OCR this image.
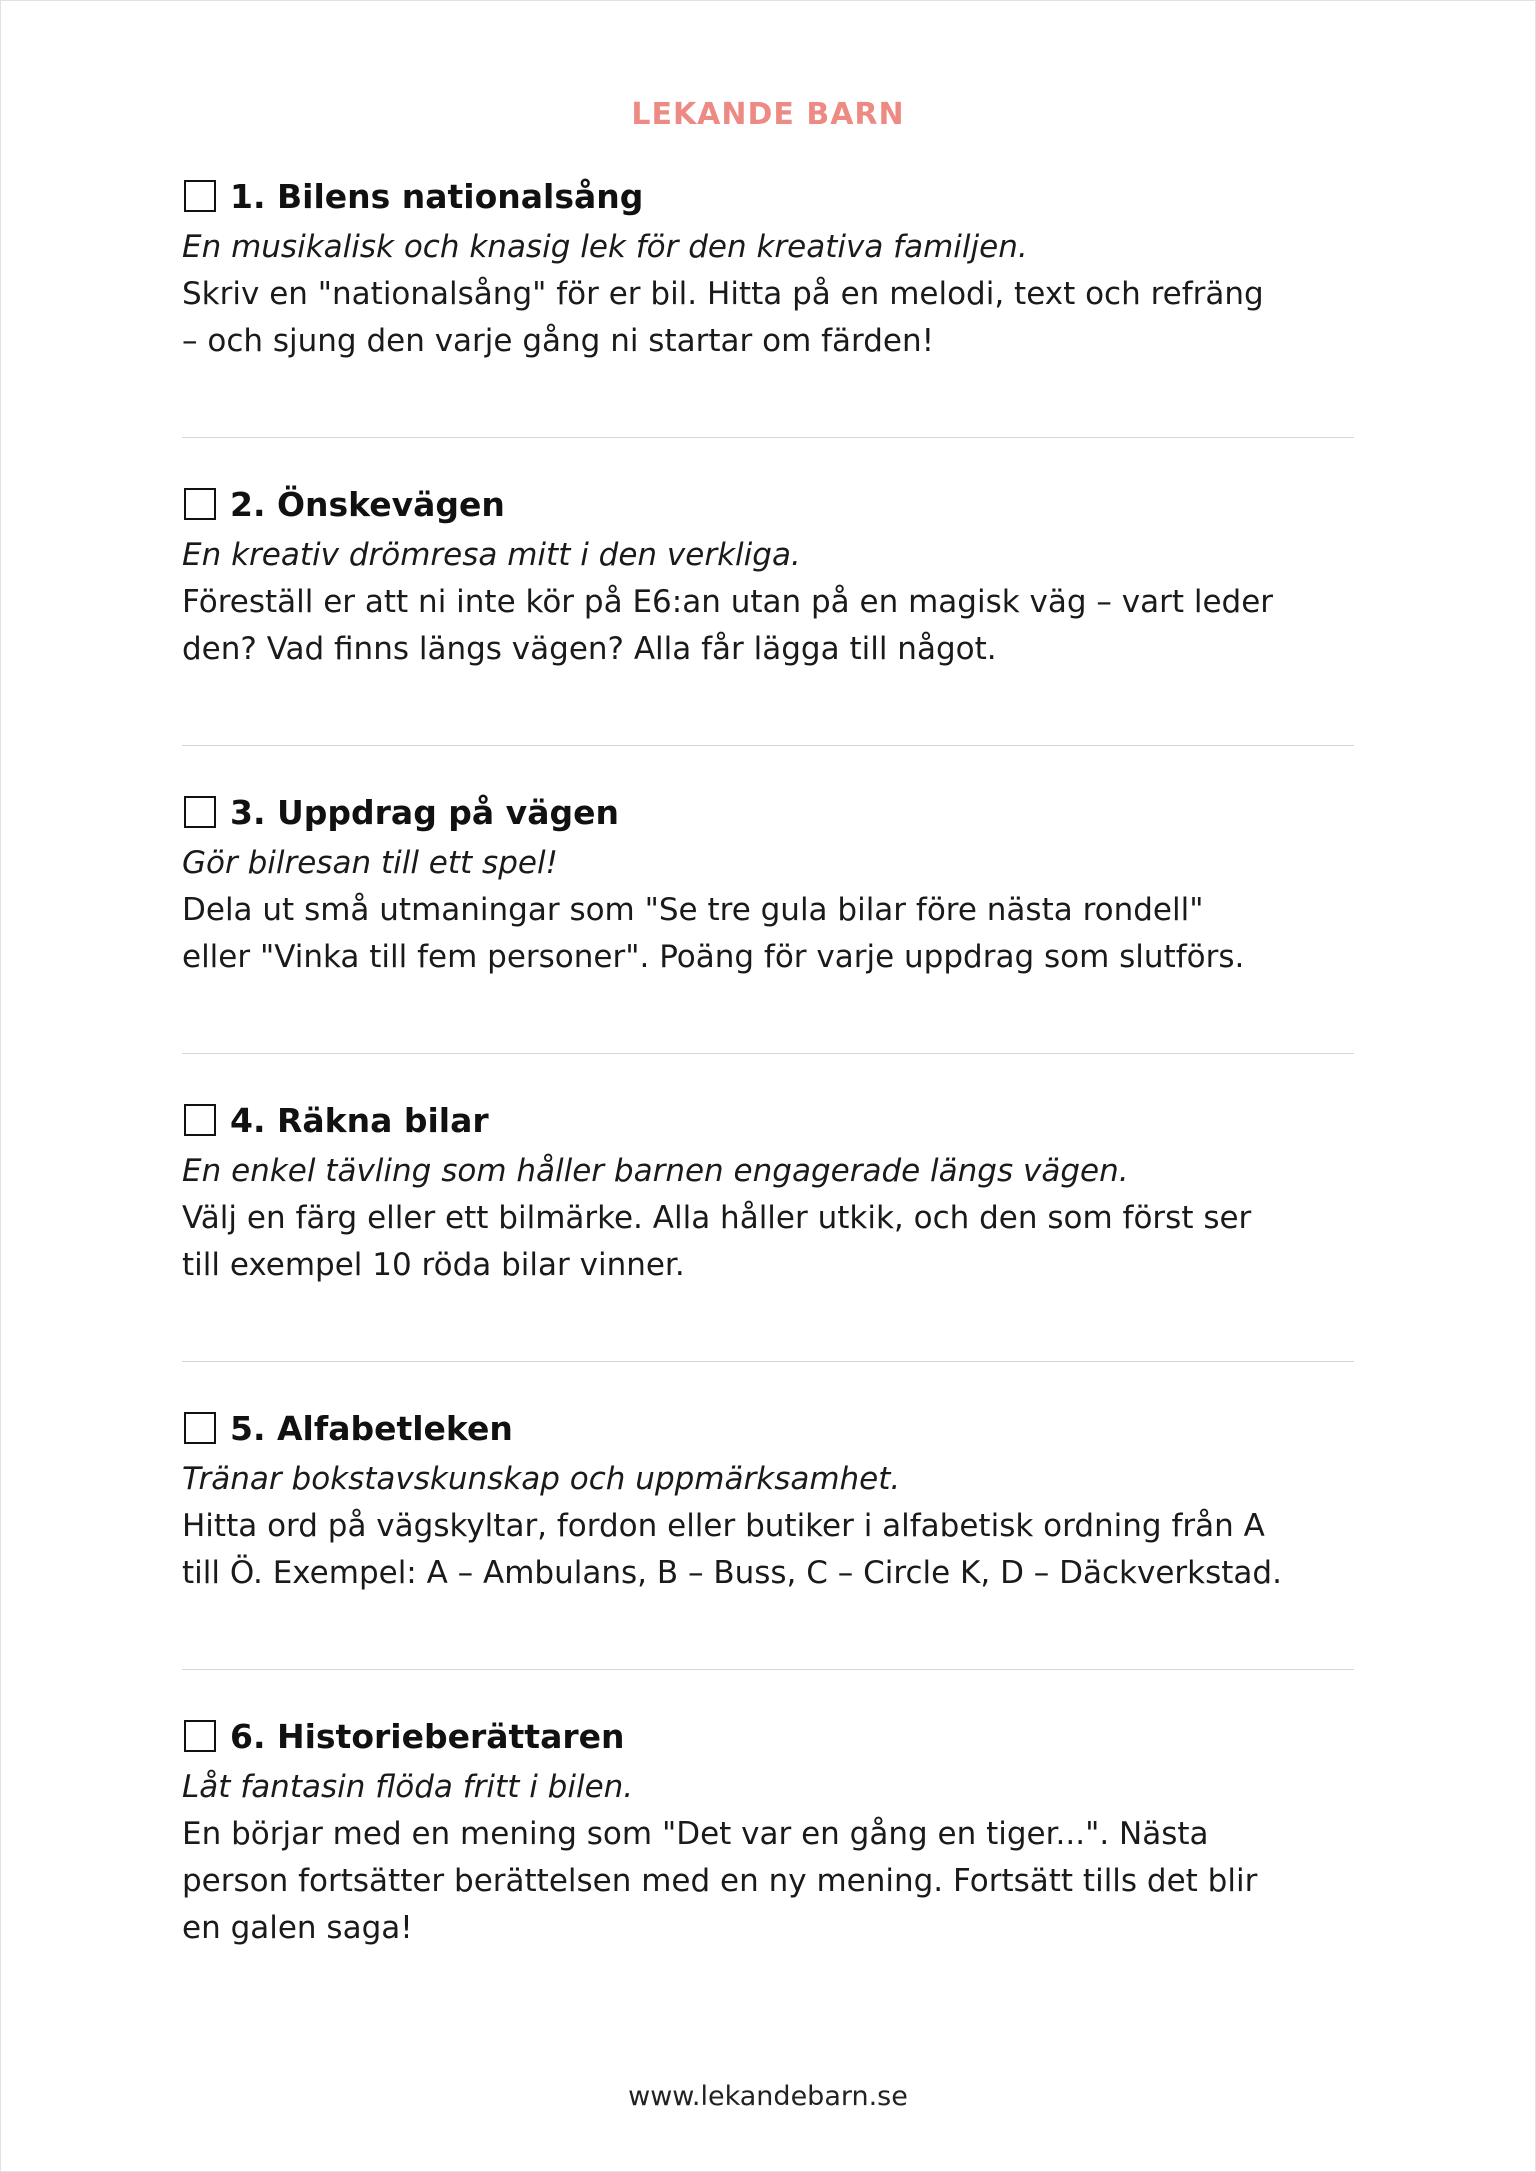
LEKANDE BARN
1. Bilens nationalsång
En musikalisk och knasig lek för den kreativa familjen.
Skriv en "nationalsång" för er bil. Hitta på en melodi, text och refräng
– och sjung den varje gång ni startar om färden!
2. Önskevägen
En kreativ drömresa mitt i den verkliga.
Föreställ er att ni inte kör på E6:an utan på en magisk väg – vart leder
den? Vad finns längs vägen? Alla får lägga till något.
3. Uppdrag på vägen
Gör bilresan till ett spel!
Dela ut små utmaningar som "Se tre gula bilar före nästa rondell"
eller "Vinka till fem personer". Poäng för varje uppdrag som slutförs.
4. Räkna bilar
En enkel tävling som håller barnen engagerade längs vägen.
Välj en färg eller ett bilmärke. Alla håller utkik, och den som först ser
till exempel 10 röda bilar vinner.
5. Alfabetleken
Tränar bokstavskunskap och uppmärksamhet.
Hitta ord på vägskyltar, fordon eller butiker i alfabetisk ordning från A
till Ö. Exempel: A – Ambulans, B – Buss, C – Circle K, D – Däckverkstad.
6. Historieberättaren
Låt fantasin flöda fritt i bilen.
En börjar med en mening som "Det var en gång en tiger...". Nästa
person fortsätter berättelsen med en ny mening. Fortsätt tills det blir
en galen saga!
www.lekandebarn.se
